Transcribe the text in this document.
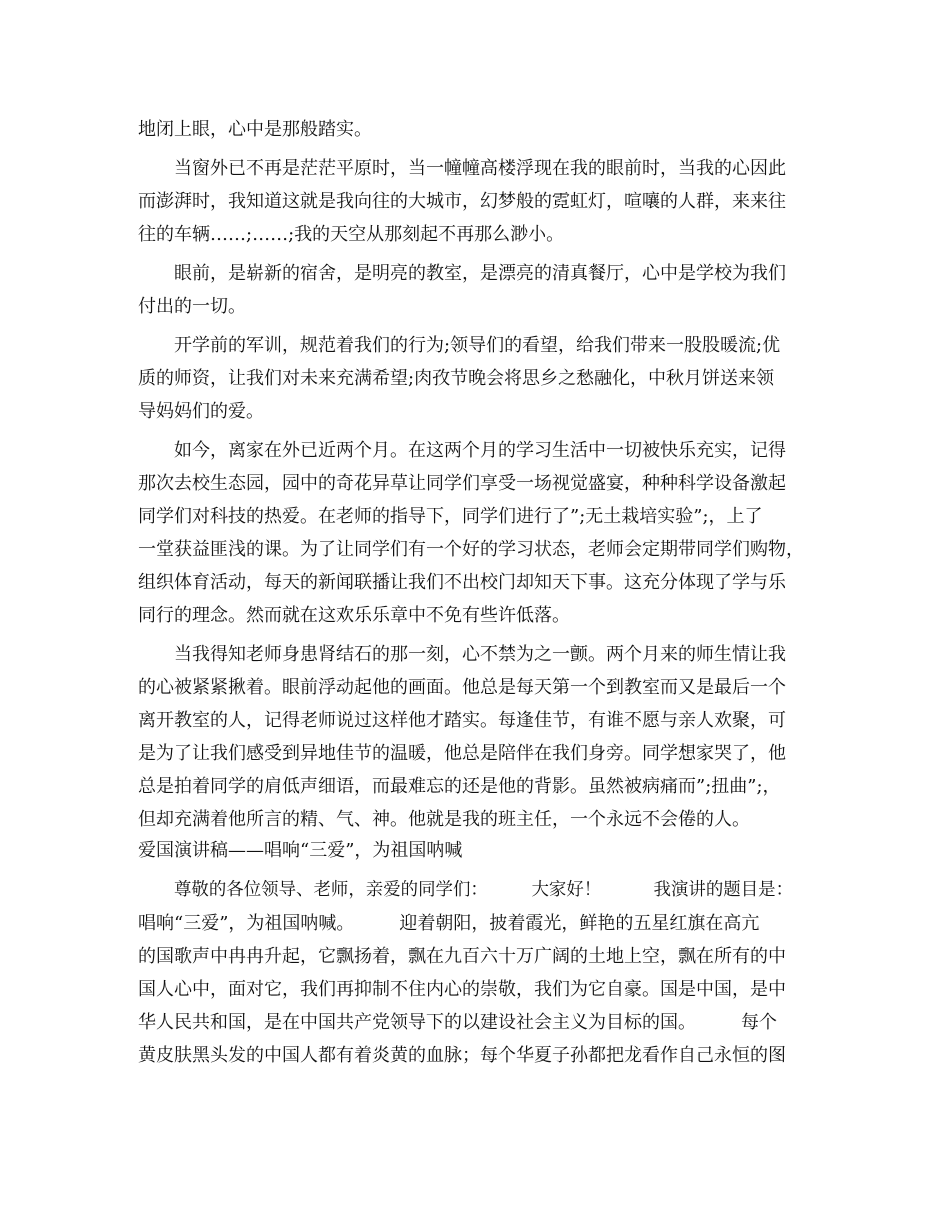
地闭上眼，心中是那般踏实。

当窗外已不再是茫茫平原时，当一幢幢高楼浮现在我的眼前时，当我的心因此
而澎湃时，我知道这就是我向往的大城市，幻梦般的霓虹灯，喧嚷的人群，来来往
往的车辆……;……;我的天空从那刻起不再那么渺小。

眼前，是崭新的宿舍，是明亮的教室，是漂亮的清真餐厅，心中是学校为我们
付出的一切。

开学前的军训，规范着我们的行为;领导们的看望，给我们带来一股股暖流;优
质的师资，让我们对未来充满希望;肉孜节晚会将思乡之愁融化，中秋月饼送来领
导妈妈们的爱。

如今，离家在外已近两个月。在这两个月的学习生活中一切被快乐充实，记得
那次去校生态园，园中的奇花异草让同学们享受一场视觉盛宴，种种科学设备激起
同学们对科技的热爱。在老师的指导下，同学们进行了”;无土栽培实验”;，上了
一堂获益匪浅的课。为了让同学们有一个好的学习状态，老师会定期带同学们购物，
组织体育活动，每天的新闻联播让我们不出校门却知天下事。这充分体现了学与乐
同行的理念。然而就在这欢乐乐章中不免有些许低落。

当我得知老师身患肾结石的那一刻，心不禁为之一颤。两个月来的师生情让我
的心被紧紧揪着。眼前浮动起他的画面。他总是每天第一个到教室而又是最后一个
离开教室的人，记得老师说过这样他才踏实。每逢佳节，有谁不愿与亲人欢聚，可
是为了让我们感受到异地佳节的温暖，他总是陪伴在我们身旁。同学想家哭了，他
总是拍着同学的肩低声细语，而最难忘的还是他的背影。虽然被病痛而”;扭曲”;，
但却充满着他所言的精、气、神。他就是我的班主任，一个永远不会倦的人。

爱国演讲稿——唱响“三爱”，为祖国呐喊

尊敬的各位领导、老师，亲爱的同学们：　　　大家好！　　　我演讲的题目是：
唱响“三爱”，为祖国呐喊。　　　迎着朝阳，披着霞光，鲜艳的五星红旗在高亢
的国歌声中冉冉升起，它飘扬着，飘在九百六十万广阔的土地上空，飘在所有的中
国人心中，面对它，我们再抑制不住内心的崇敬，我们为它自豪。国是中国，是中
华人民共和国，是在中国共产党领导下的以建设社会主义为目标的国。　　　每个
黄皮肤黑头发的中国人都有着炎黄的血脉；每个华夏子孙都把龙看作自己永恒的图
